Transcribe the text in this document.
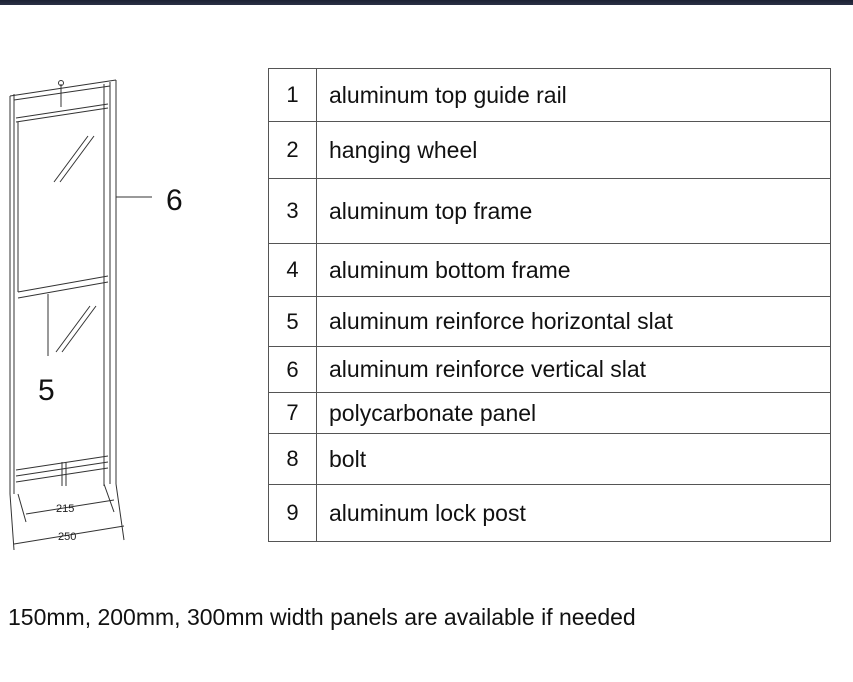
215
250
6
5
1	aluminum top guide rail
2	hanging wheel
3	aluminum top frame
4	aluminum bottom frame
5	aluminum reinforce horizontal slat
6	aluminum reinforce vertical slat
7	polycarbonate panel
8	bolt
9	aluminum lock post
150mm, 200mm, 300mm width panels are available if needed
